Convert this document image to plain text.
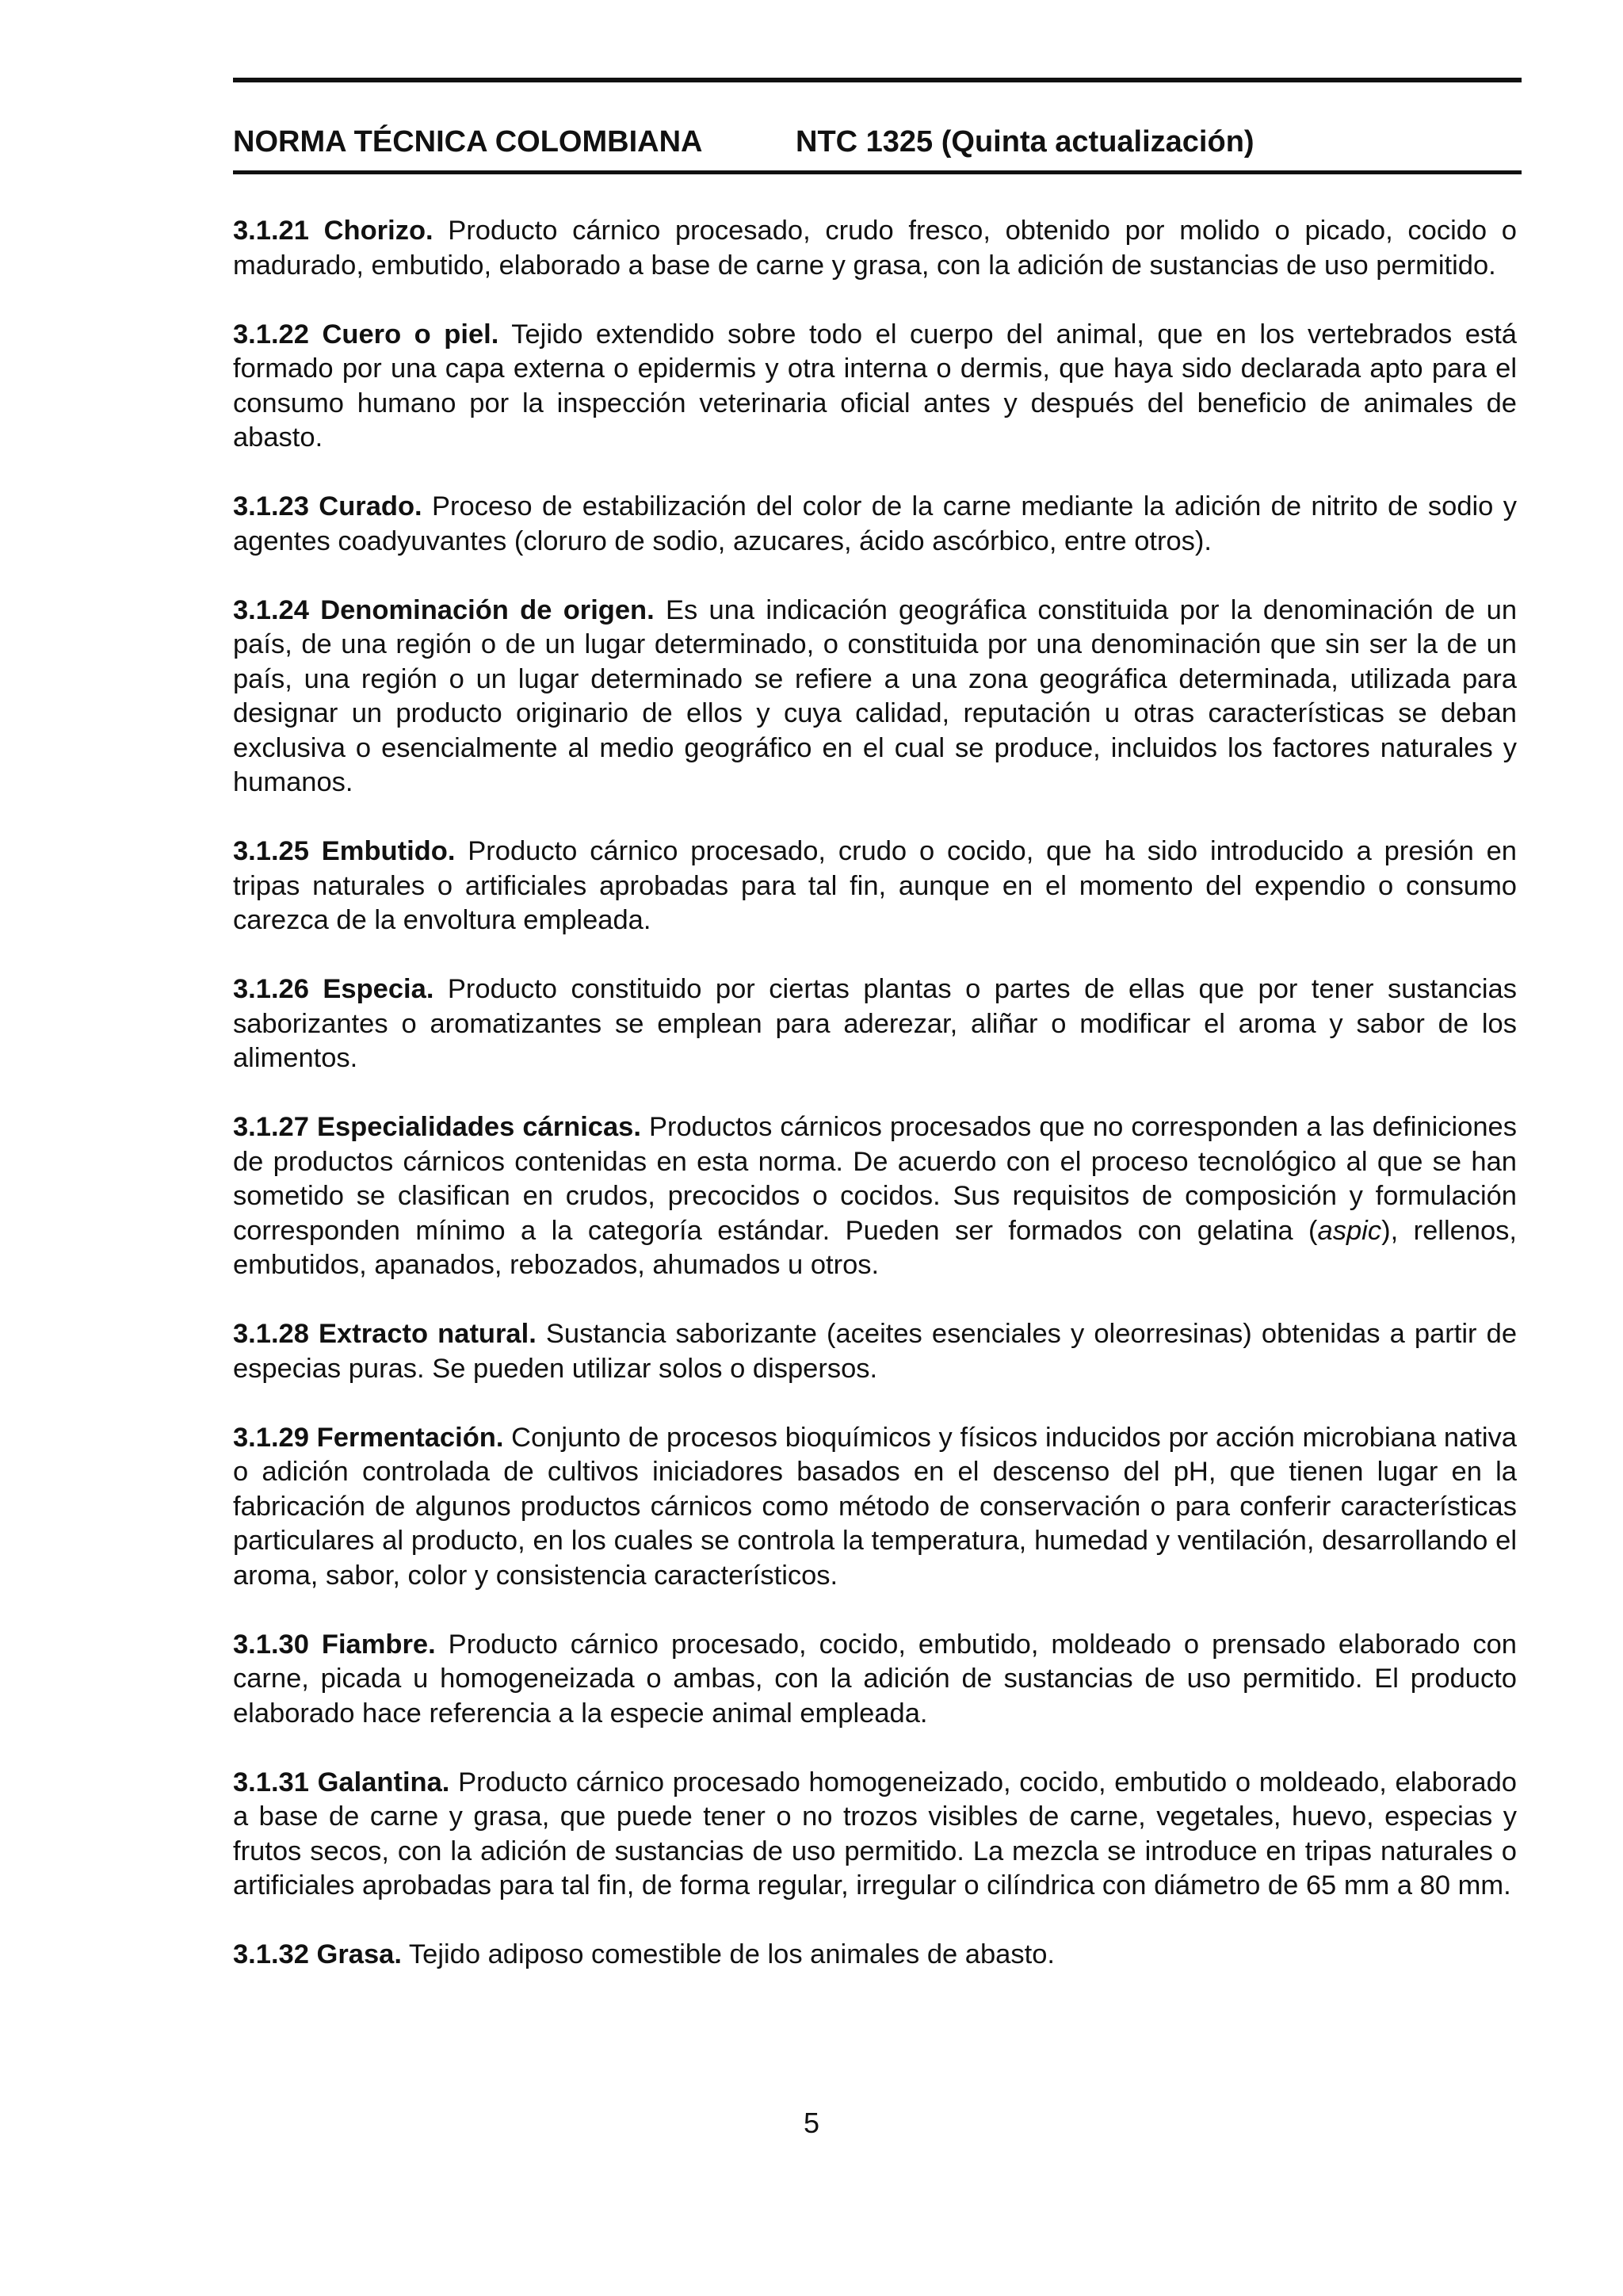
NORMA TÉCNICA COLOMBIANA	NTC 1325 (Quinta actualización)

3.1.21 Chorizo. Producto cárnico procesado, crudo fresco, obtenido por molido o picado, cocido o madurado, embutido, elaborado a base de carne y grasa, con la adición de sustancias de uso permitido.

3.1.22 Cuero o piel. Tejido extendido sobre todo el cuerpo del animal, que en los vertebrados está formado por una capa externa o epidermis y otra interna o dermis, que haya sido declarada apto para el consumo humano por la inspección veterinaria oficial antes y después del beneficio de animales de abasto.

3.1.23 Curado. Proceso de estabilización del color de la carne mediante la adición de nitrito de sodio y agentes coadyuvantes (cloruro de sodio, azucares, ácido ascórbico, entre otros).

3.1.24 Denominación de origen. Es una indicación geográfica constituida por la denominación de un país, de una región o de un lugar determinado, o constituida por una denominación que sin ser la de un país, una región o un lugar determinado se refiere a una zona geográfica determinada, utilizada para designar un producto originario de ellos y cuya calidad, reputación u otras características se deban exclusiva o esencialmente al medio geográfico en el cual se produce, incluidos los factores naturales y humanos.

3.1.25 Embutido. Producto cárnico procesado, crudo o cocido, que ha sido introducido a presión en tripas naturales o artificiales aprobadas para tal fin, aunque en el momento del expendio o consumo carezca de la envoltura empleada.

3.1.26 Especia. Producto constituido por ciertas plantas o partes de ellas que por tener sustancias saborizantes o aromatizantes se emplean para aderezar, aliñar o modificar el aroma y sabor de los alimentos.

3.1.27 Especialidades cárnicas. Productos cárnicos procesados que no corresponden a las definiciones de productos cárnicos contenidas en esta norma. De acuerdo con el proceso tecnológico al que se han sometido se clasifican en crudos, precocidos o cocidos. Sus requisitos de composición y formulación corresponden mínimo a la categoría estándar. Pueden ser formados con gelatina (aspic), rellenos, embutidos, apanados, rebozados, ahumados u otros.

3.1.28 Extracto natural. Sustancia saborizante (aceites esenciales y oleorresinas) obtenidas a partir de especias puras. Se pueden utilizar solos o dispersos.

3.1.29 Fermentación. Conjunto de procesos bioquímicos y físicos inducidos por acción microbiana nativa o adición controlada de cultivos iniciadores basados en el descenso del pH, que tienen lugar en la fabricación de algunos productos cárnicos como método de conservación o para conferir características particulares al producto, en los cuales se controla la temperatura, humedad y ventilación, desarrollando el aroma, sabor, color y consistencia característicos.

3.1.30 Fiambre. Producto cárnico procesado, cocido, embutido, moldeado o prensado elaborado con carne, picada u homogeneizada o ambas, con la adición de sustancias de uso permitido. El producto elaborado hace referencia a la especie animal empleada.

3.1.31 Galantina. Producto cárnico procesado homogeneizado, cocido, embutido o moldeado, elaborado a base de carne y grasa, que puede tener o no trozos visibles de carne, vegetales, huevo, especias y frutos secos, con la adición de sustancias de uso permitido. La mezcla se introduce en tripas naturales o artificiales aprobadas para tal fin, de forma regular, irregular o cilíndrica con diámetro de 65 mm a 80 mm.

3.1.32 Grasa. Tejido adiposo comestible de los animales de abasto.

5
